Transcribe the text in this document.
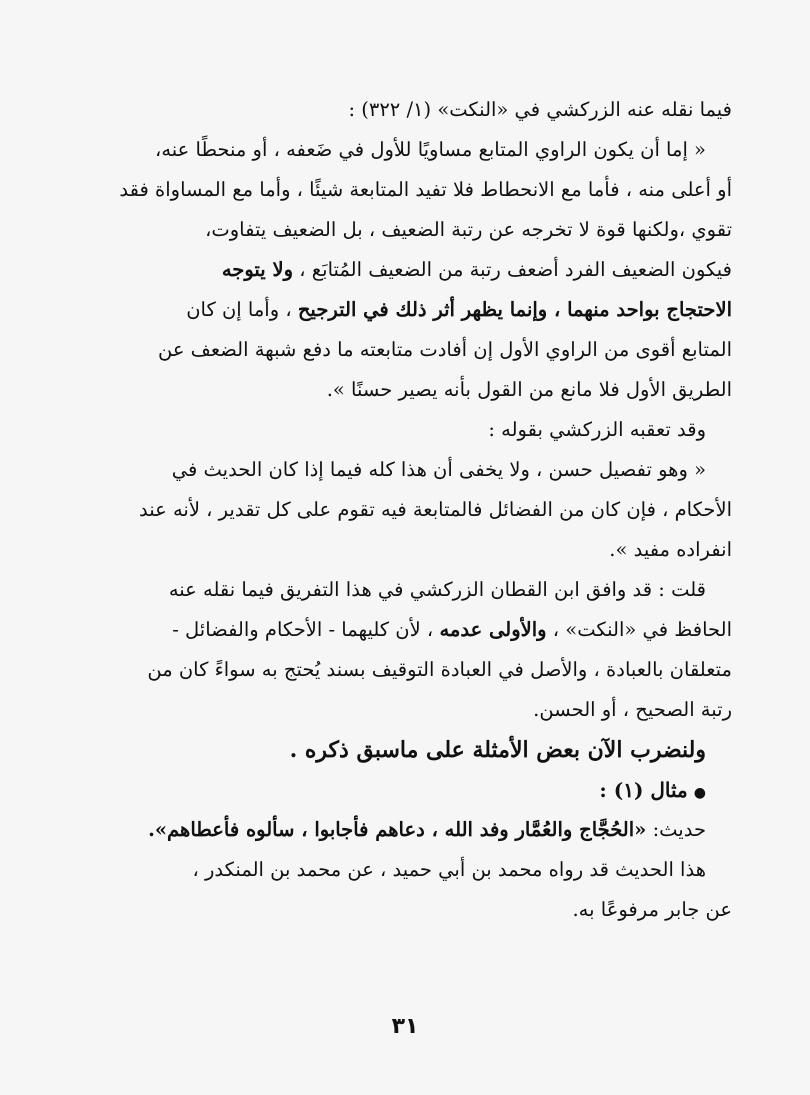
فيما نقله عنه الزركشي في «النكت» (١/ ٣٢٢) :
« إما أن يكون الراوي المتابع مساويًا للأول في ضَعفه ، أو منحطًا عنه،
أو أعلى منه ، فأما مع الانحطاط فلا تفيد المتابعة شيئًا ، وأما مع المساواة فقد
تقوي ،ولكنها قوة لا تخرجه عن رتبة الضعيف ، بل الضعيف يتفاوت،
فيكون الضعيف الفرد أضعف رتبة من الضعيف المُتابَع ، ولا يتوجه
الاحتجاج بواحد منهما ، وإنما يظهر أثر ذلك في الترجيح ، وأما إن كان
المتابع أقوى من الراوي الأول إن أفادت متابعته ما دفع شبهة الضعف عن
الطريق الأول فلا مانع من القول بأنه يصير حسنًا ».
وقد تعقبه الزركشي بقوله :
« وهو تفصيل حسن ، ولا يخفى أن هذا كله فيما إذا كان الحديث في
الأحكام ، فإن كان من الفضائل فالمتابعة فيه تقوم على كل تقدير ، لأنه عند
انفراده مفيد ».
قلت : قد وافق ابن القطان الزركشي في هذا التفريق فيما نقله عنه
الحافظ في «النكت» ، والأولى عدمه ، لأن كليهما - الأحكام والفضائل -
متعلقان بالعبادة ، والأصل في العبادة التوقيف بسند يُحتج به سواءً كان من
رتبة الصحيح ، أو الحسن.
ولنضرب الآن بعض الأمثلة على ماسبق ذكره .
●مثال (١) :
حديث: «الحُجَّاج والعُمَّار وفد الله ، دعاهم فأجابوا ، سألوه فأعطاهم».
هذا الحديث قد رواه محمد بن أبي حميد ، عن محمد بن المنكدر ،
عن جابر مرفوعًا به.
٣١
